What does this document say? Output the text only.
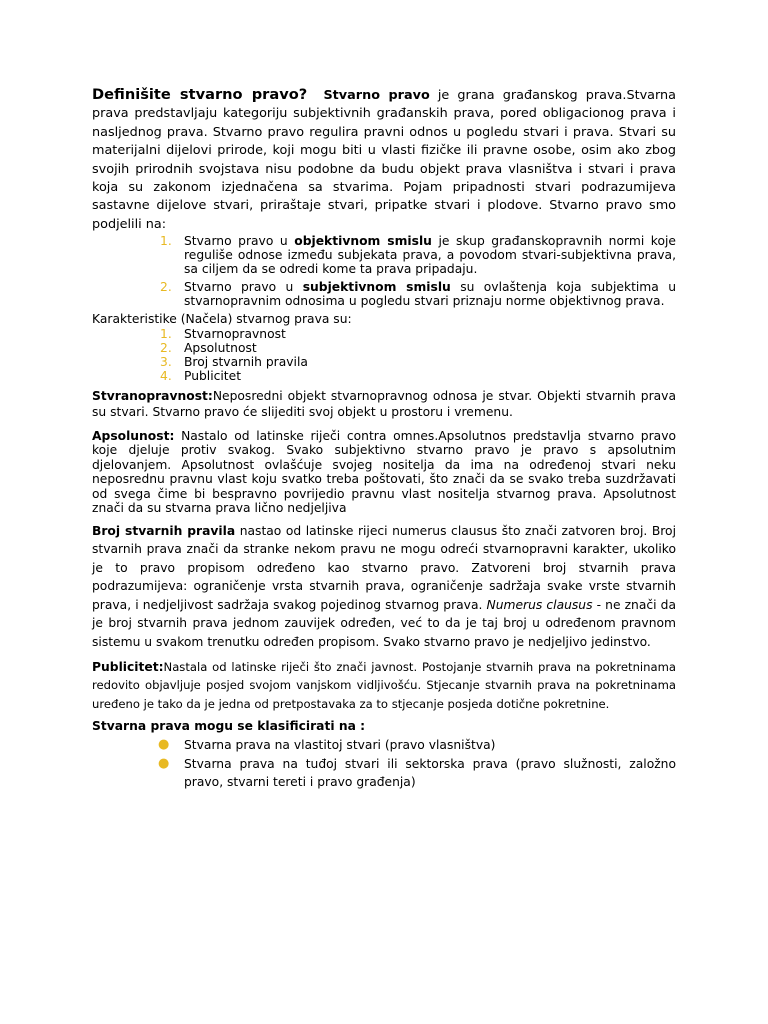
Definišite stvarno pravo? Stvarno pravo je grana građanskog prava.Stvarna prava predstavljaju kategoriju subjektivnih građanskih prava, pored obligacionog prava i nasljednog prava. Stvarno pravo regulira pravni odnos u pogledu stvari i prava. Stvari su materijalni dijelovi prirode, koji mogu biti u vlasti fizičke ili pravne osobe, osim ako zbog svojih prirodnih svojstava nisu podobne da budu objekt prava vlasništva i stvari i prava koja su zakonom izjednačena sa stvarima. Pojam pripadnosti stvari podrazumijeva sastavne dijelove stvari, priraštaje stvari, pripatke stvari i plodove. Stvarno pravo smo podjelili na:

1. Stvarno pravo u objektivnom smislu je skup građanskopravnih normi koje reguliše odnose između subjekata prava, a povodom stvari-subjektivna prava, sa ciljem da se odredi kome ta prava pripadaju.
2. Stvarno pravo u subjektivnom smislu su ovlaštenja koja subjektima u stvarnopravnim odnosima u pogledu stvari priznaju norme objektivnog prava.

Karakteristike (Načela) stvarnog prava su:

1. Stvarnopravnost
2. Apsolutnost
3. Broj stvarnih pravila
4. Publicitet

Stvranopravnost:Neposredni objekt stvarnopravnog odnosa je stvar. Objekti stvarnih prava su stvari. Stvarno pravo će slijediti svoj objekt u prostoru i vremenu.

Apsolunost: Nastalo od latinske riječi contra omnes.Apsolutnos predstavlja stvarno pravo koje djeluje protiv svakog. Svako subjektivno stvarno pravo je pravo s apsolutnim djelovanjem. Apsolutnost ovlašćuje svojeg nositelja da ima na određenoj stvari neku neposrednu pravnu vlast koju svatko treba poštovati, što znači da se svako treba suzdržavati od svega čime bi bespravno povrijedio pravnu vlast nositelja stvarnog prava. Apsolutnost znači da su stvarna prava lično nedjeljiva

Broj stvarnih pravila nastao od latinske rijeci numerus clausus što znači zatvoren broj. Broj stvarnih prava znači da stranke nekom pravu ne mogu odreći stvarnopravni karakter, ukoliko je to pravo propisom određeno kao stvarno pravo. Zatvoreni broj stvarnih prava podrazumijeva: ograničenje vrsta stvarnih prava, ograničenje sadržaja svake vrste stvarnih prava, i nedjeljivost sadržaja svakog pojedinog stvarnog prava. Numerus clausus - ne znači da je broj stvarnih prava jednom zauvijek određen, već to da je taj broj u određenom pravnom sistemu u svakom trenutku određen propisom. Svako stvarno pravo je nedjeljivo jedinstvo.

Publicitet:Nastala od latinske riječi što znači javnost. Postojanje stvarnih prava na pokretninama redovito objavljuje posjed svojom vanjskom vidljivošću. Stjecanje stvarnih prava na pokretninama uređeno je tako da je jedna od pretpostavaka za to stjecanje posjeda dotične pokretnine.

Stvarna prava mogu se klasificirati na :

● Stvarna prava na vlastitoj stvari (pravo vlasništva)
● Stvarna prava na tuđoj stvari ili sektorska prava (pravo služnosti, založno pravo, stvarni tereti i pravo građenja)
